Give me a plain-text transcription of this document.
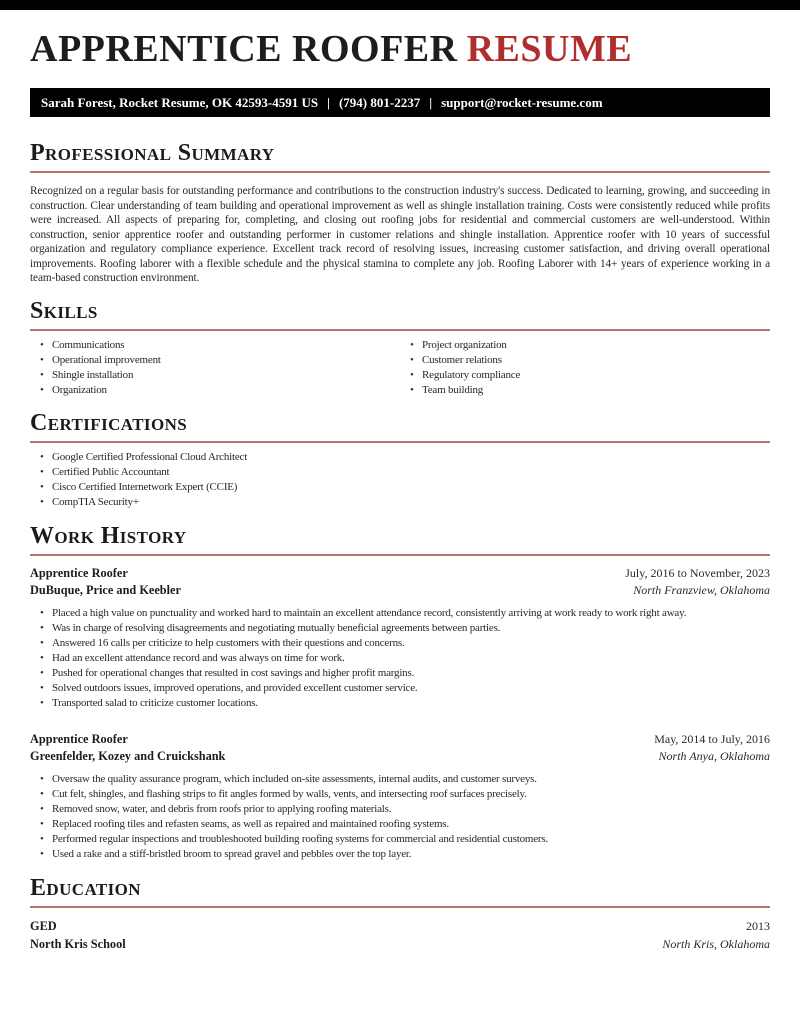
APPRENTICE ROOFER RESUME
Sarah Forest, Rocket Resume, OK 42593-4591 US | (794) 801-2237 | support@rocket-resume.com
Professional Summary
Recognized on a regular basis for outstanding performance and contributions to the construction industry's success. Dedicated to learning, growing, and succeeding in construction. Clear understanding of team building and operational improvement as well as shingle installation training. Costs were consistently reduced while profits were increased. All aspects of preparing for, completing, and closing out roofing jobs for residential and commercial customers are well-understood. Within construction, senior apprentice roofer and outstanding performer in customer relations and shingle installation. Apprentice roofer with 10 years of successful organization and regulatory compliance experience. Excellent track record of resolving issues, increasing customer satisfaction, and driving overall operational improvements. Roofing laborer with a flexible schedule and the physical stamina to complete any job. Roofing Laborer with 14+ years of experience working in a team-based construction environment.
Skills
• Communications
• Operational improvement
• Shingle installation
• Organization
• Project organization
• Customer relations
• Regulatory compliance
• Team building
Certifications
• Google Certified Professional Cloud Architect
• Certified Public Accountant
• Cisco Certified Internetwork Expert (CCIE)
• CompTIA Security+
Work History
Apprentice Roofer
DuBuque, Price and Keebler
July, 2016 to November, 2023
North Franzview, Oklahoma
• Placed a high value on punctuality and worked hard to maintain an excellent attendance record, consistently arriving at work ready to work right away.
• Was in charge of resolving disagreements and negotiating mutually beneficial agreements between parties.
• Answered 16 calls per criticize to help customers with their questions and concerns.
• Had an excellent attendance record and was always on time for work.
• Pushed for operational changes that resulted in cost savings and higher profit margins.
• Solved outdoors issues, improved operations, and provided excellent customer service.
• Transported salad to criticize customer locations.
Apprentice Roofer
Greenfelder, Kozey and Cruickshank
May, 2014 to July, 2016
North Anya, Oklahoma
• Oversaw the quality assurance program, which included on-site assessments, internal audits, and customer surveys.
• Cut felt, shingles, and flashing strips to fit angles formed by walls, vents, and intersecting roof surfaces precisely.
• Removed snow, water, and debris from roofs prior to applying roofing materials.
• Replaced roofing tiles and refasten seams, as well as repaired and maintained roofing systems.
• Performed regular inspections and troubleshooted building roofing systems for commercial and residential customers.
• Used a rake and a stiff-bristled broom to spread gravel and pebbles over the top layer.
Education
GED	2013
North Kris School	North Kris, Oklahoma
